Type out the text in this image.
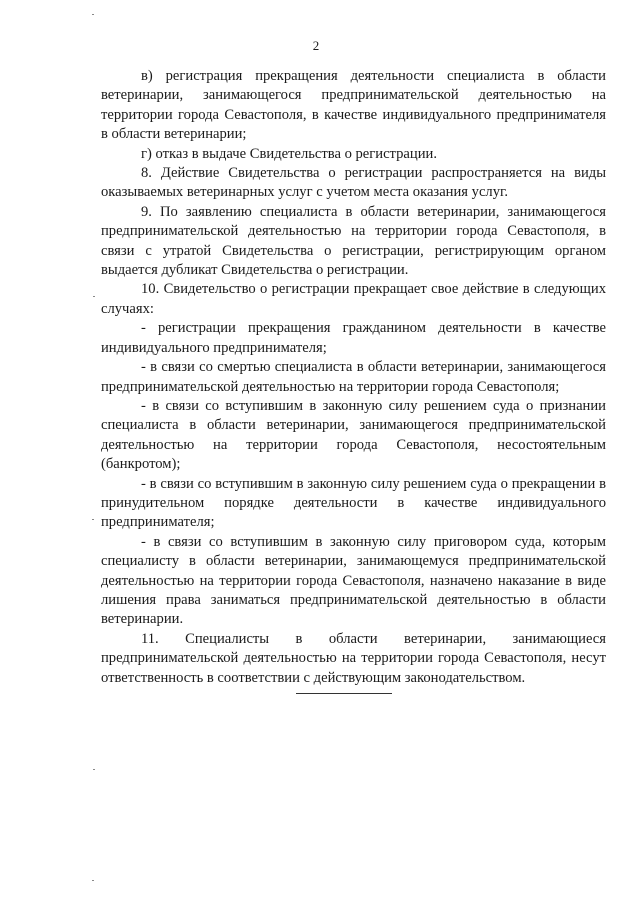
2

в) регистрация прекращения деятельности специалиста в области ветеринарии, занимающегося предпринимательской деятельностью на территории города Севастополя, в качестве индивидуального предпринимателя в области ветеринарии;

г) отказ в выдаче Свидетельства о регистрации.

8. Действие Свидетельства о регистрации распространяется на виды оказываемых ветеринарных услуг с учетом места оказания услуг.

9. По заявлению специалиста в области ветеринарии, занимающегося предпринимательской деятельностью на территории города Севастополя, в связи с утратой Свидетельства о регистрации, регистрирующим органом выдается дубликат Свидетельства о регистрации.

10. Свидетельство о регистрации прекращает свое действие в следующих случаях:

- регистрации прекращения гражданином деятельности в качестве индивидуального предпринимателя;

- в связи со смертью специалиста в области ветеринарии, занимающегося предпринимательской деятельностью на территории города Севастополя;

- в связи со вступившим в законную силу решением суда о признании специалиста в области ветеринарии, занимающегося предпринимательской деятельностью на территории города Севастополя, несостоятельным (банкротом);

- в связи со вступившим в законную силу решением суда о прекращении в принудительном порядке деятельности в качестве индивидуального предпринимателя;

- в связи со вступившим в законную силу приговором суда, которым специалисту в области ветеринарии, занимающемуся предпринимательской деятельностью на территории города Севастополя, назначено наказание в виде лишения права заниматься предпринимательской деятельностью в области ветеринарии.

11. Специалисты в области ветеринарии, занимающиеся предпринимательской деятельностью на территории города Севастополя, несут ответственность в соответствии с действующим законодательством.
